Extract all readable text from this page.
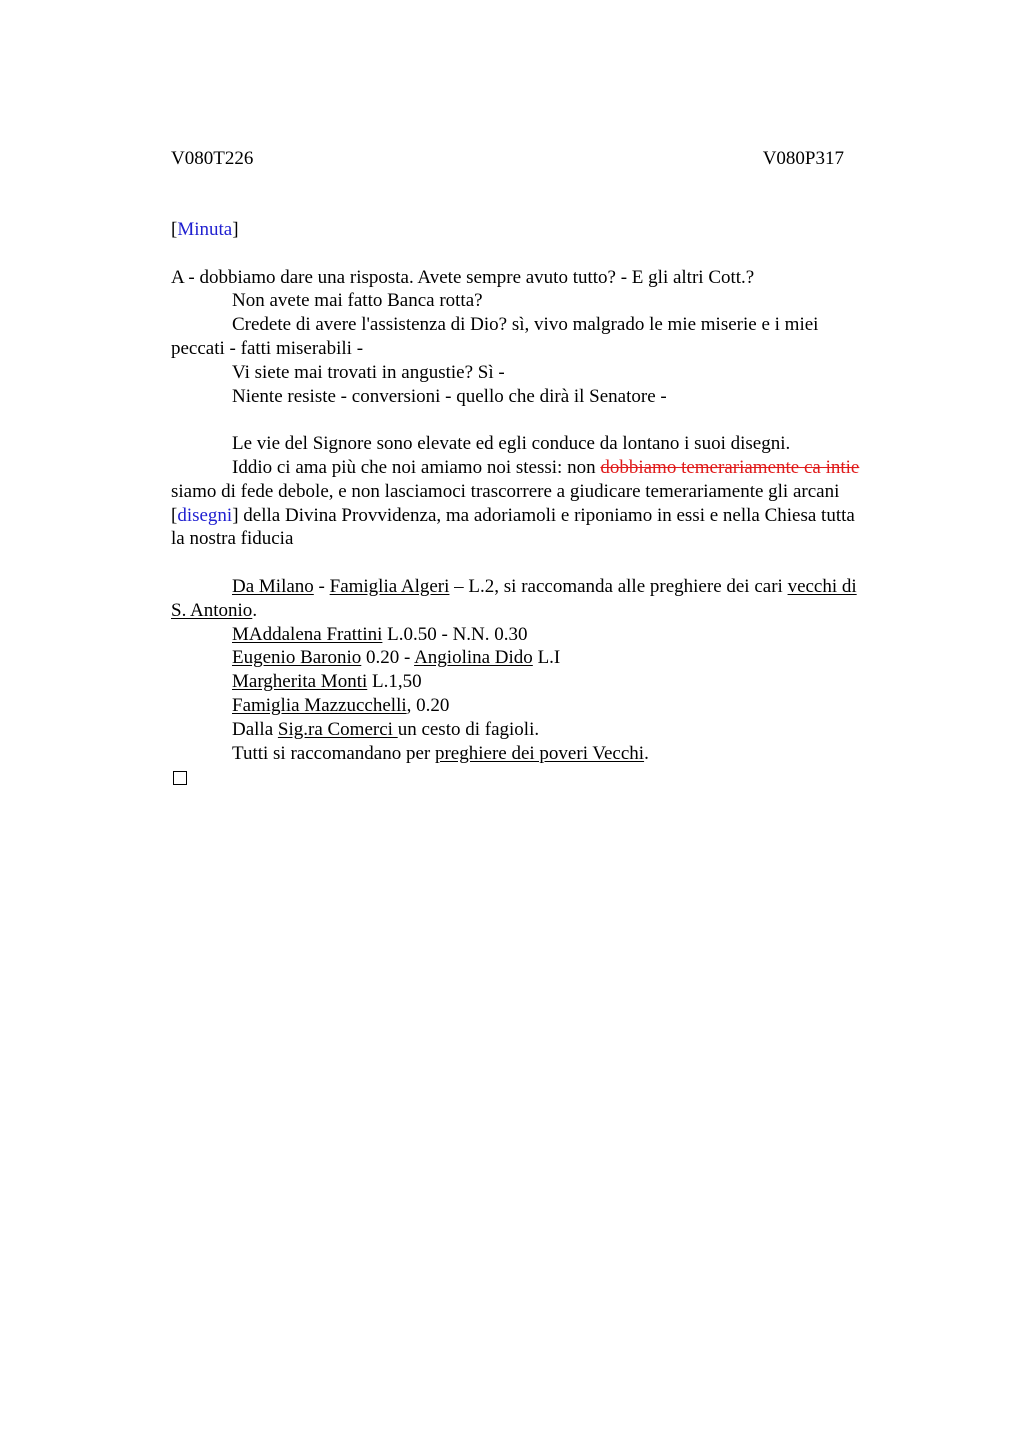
V080T226	V080P317
[Minuta]
A - dobbiamo dare una risposta. Avete sempre avuto tutto? - E gli altri Cott.?
Non avete mai fatto Banca rotta?
Credete di avere l'assistenza di Dio? sì, vivo malgrado le mie miserie e i miei
peccati - fatti miserabili -
Vi siete mai trovati in angustie? Sì -
Niente resiste - conversioni - quello che dirà il Senatore -
Le vie del Signore sono elevate ed egli conduce da lontano i suoi disegni.
Iddio ci ama più che noi amiamo noi stessi: non dobbiamo temerariamente ca intie
siamo di fede debole, e non lasciamoci trascorrere a giudicare temerariamente gli arcani
[disegni] della Divina Provvidenza, ma adoriamoli e riponiamo in essi e nella Chiesa tutta
la nostra fiducia
Da Milano - Famiglia Algeri – L.2, si raccomanda alle preghiere dei cari vecchi di
S. Antonio.
MAddalena Frattini L.0.50 - N.N. 0.30
Eugenio Baronio 0.20 - Angiolina Dido L.I
Margherita Monti L.1,50
Famiglia Mazzucchelli, 0.20
Dalla Sig.ra Comerci un cesto di fagioli.
Tutti si raccomandano per preghiere dei poveri Vecchi.
